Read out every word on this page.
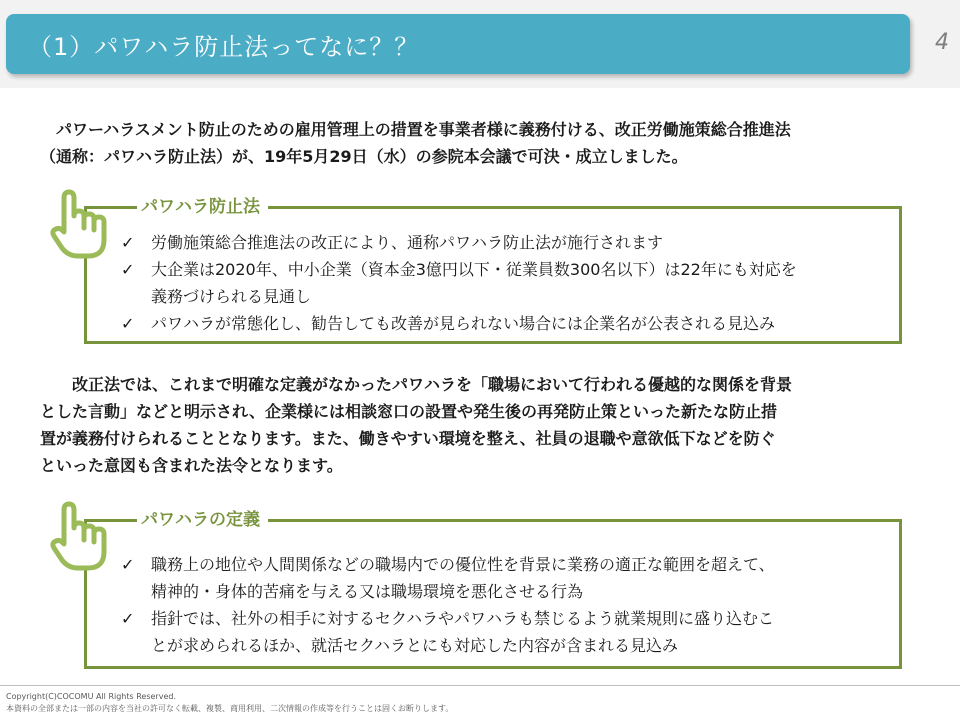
（1）パワハラ防止法ってなに？？	4

　パワーハラスメント防止のための雇用管理上の措置を事業者様に義務付ける、改正労働施策総合推進法

（通称：パワハラ防止法）が、19年5月29日（水）の参院本会議で可決・成立しました。

パワハラ防止法
✓ 労働施策総合推進法の改正により、通称パワハラ防止法が施行されます

✓ 大企業は2020年、中小企業（資本金3億円以下・従業員数300名以下）は22年にも対応を

義務づけられる見通し

✓ パワハラが常態化し、勧告しても改善が見られない場合には企業名が公表される見込み

　　改正法では、これまで明確な定義がなかったパワハラを「職場において行われる優越的な関係を背景

とした言動」などと明示され、企業様には相談窓口の設置や発生後の再発防止策といった新たな防止措

置が義務付けられることとなります。また、働きやすい環境を整え、社員の退職や意欲低下などを防ぐ

といった意図も含まれた法令となります。

パワハラの定義
✓ 職務上の地位や人間関係などの職場内での優位性を背景に業務の適正な範囲を超えて、

精神的・身体的苦痛を与える又は職場環境を悪化させる行為

✓ 指針では、社外の相手に対するセクハラやパワハラも禁じるよう就業規則に盛り込むこ

とが求められるほか、就活セクハラとにも対応した内容が含まれる見込み

Copyright(C)COCOMU All Rights Reserved.
本資料の全部または一部の内容を当社の許可なく転載、複製、商用利用、二次情報の作成等を行うことは固くお断りします。
